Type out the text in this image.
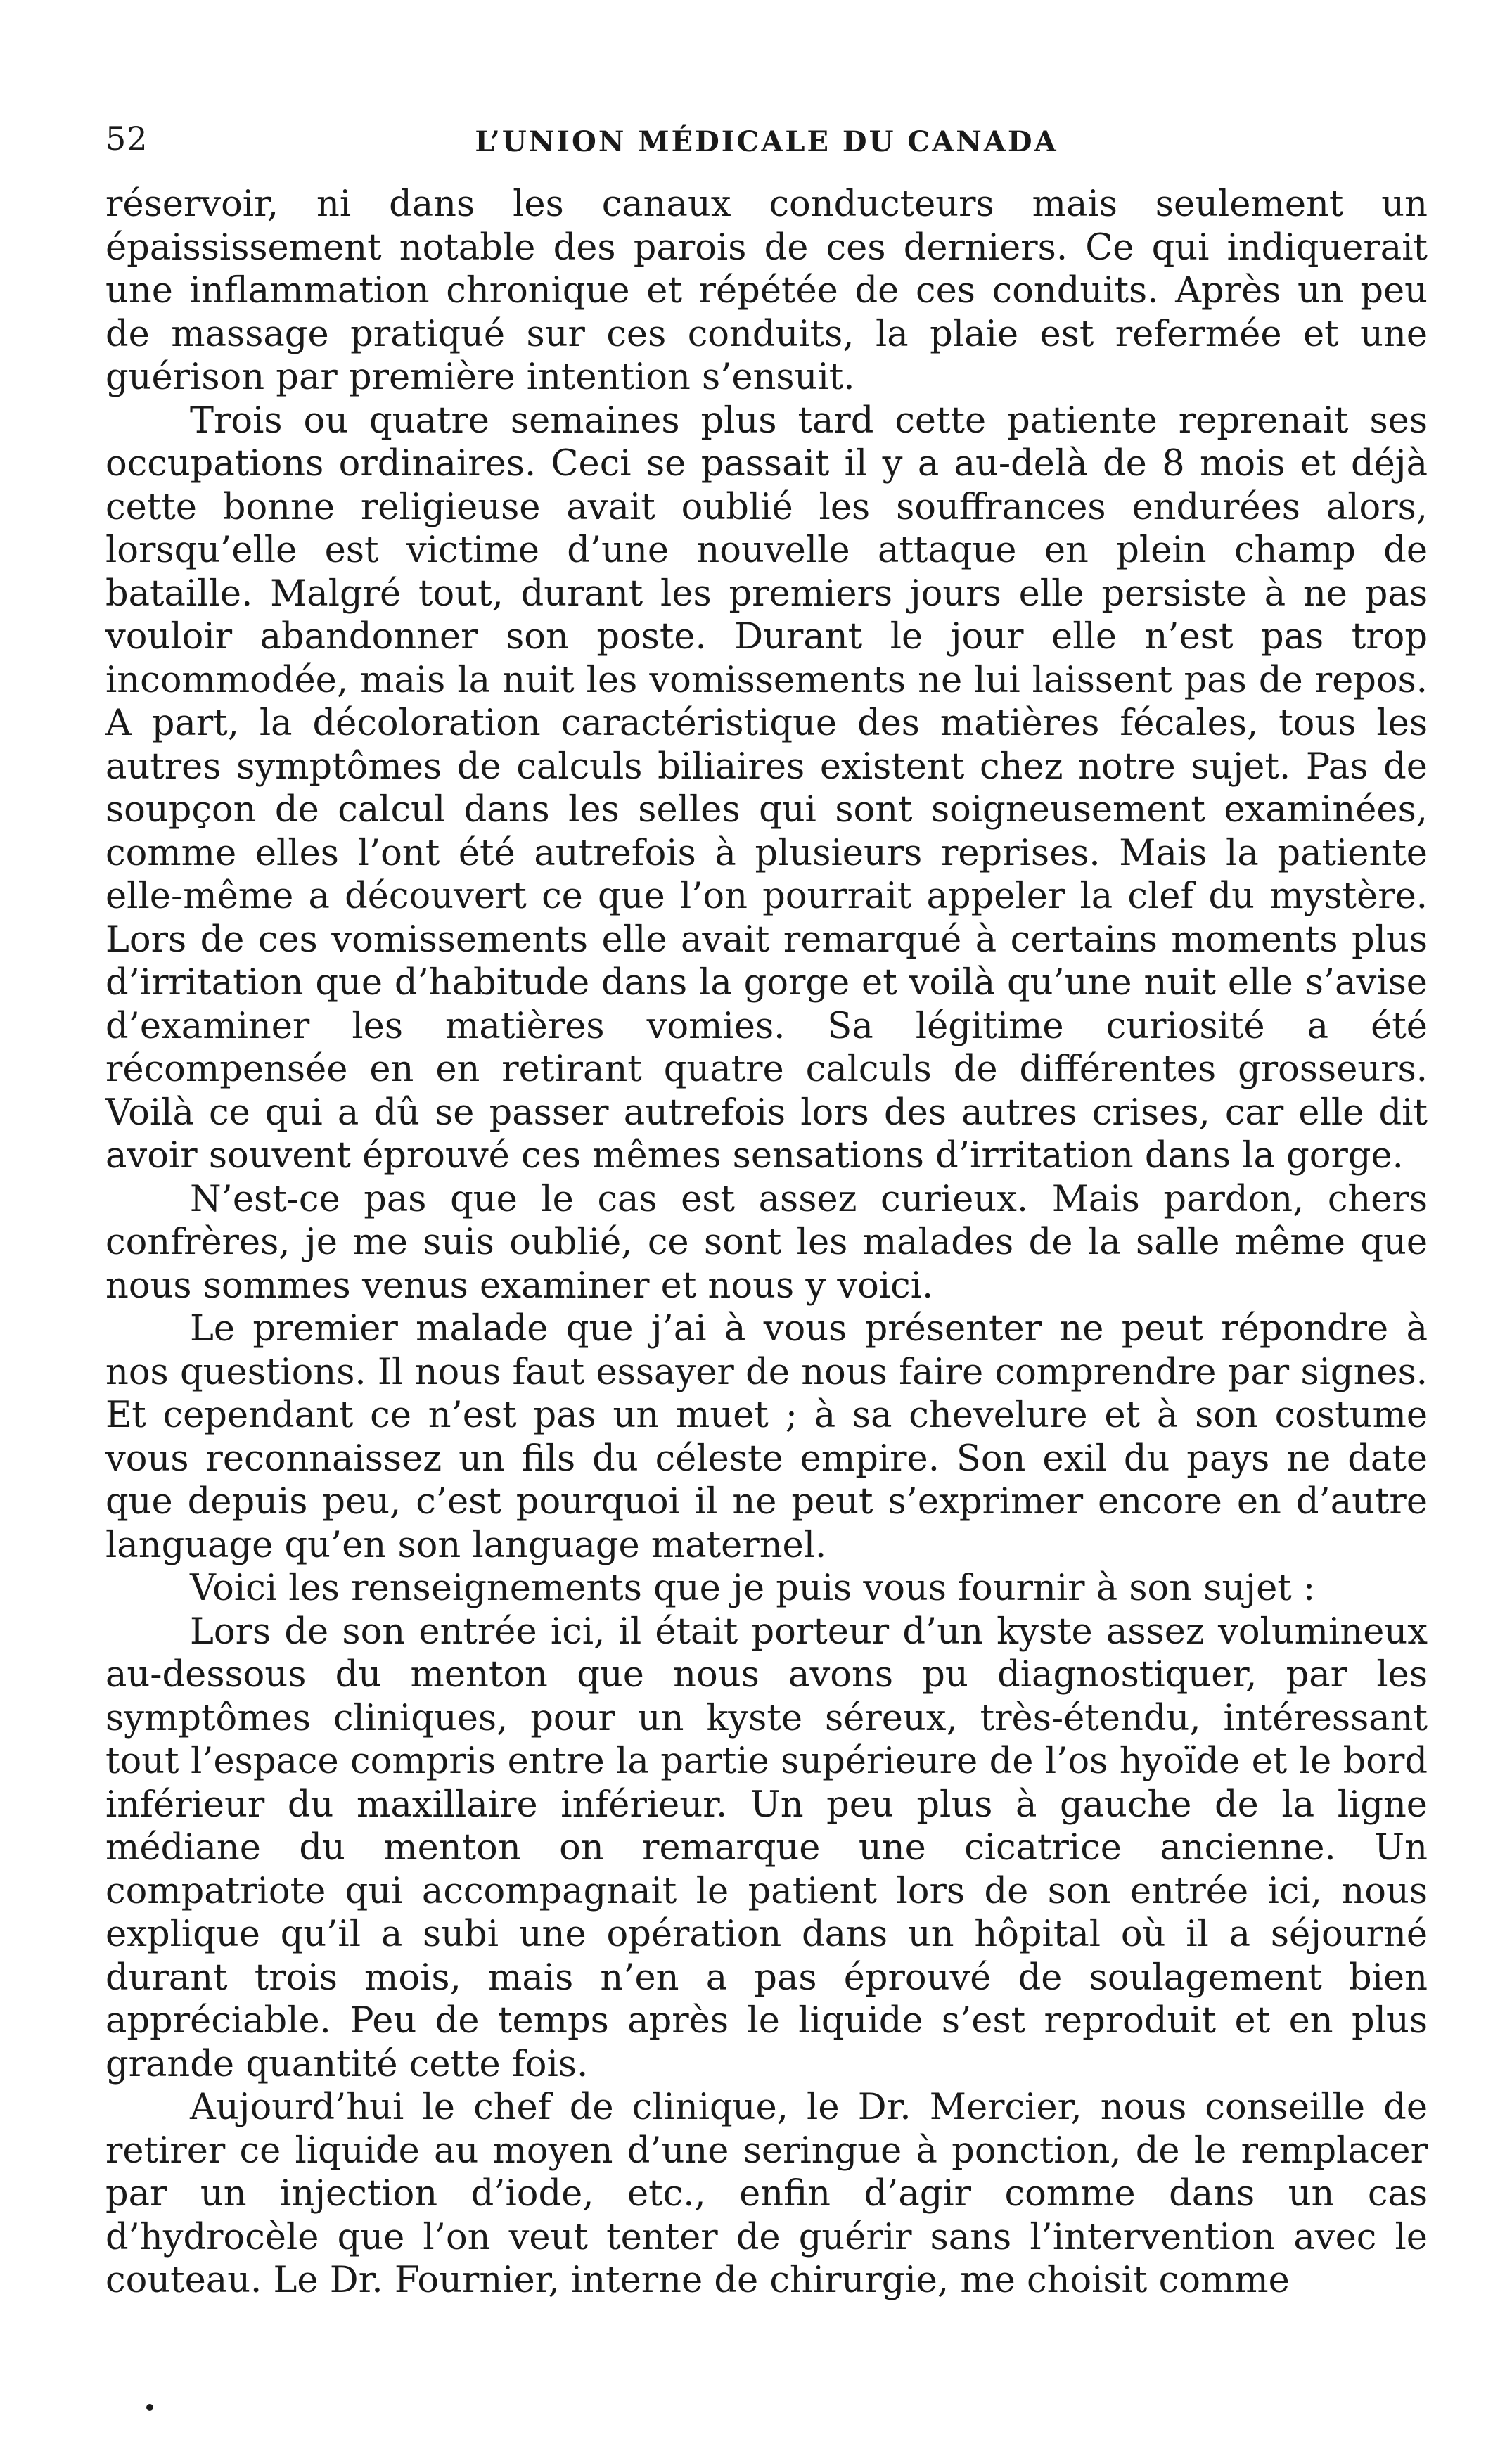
52	L’UNION MÉDICALE DU CANADA

réservoir, ni dans les canaux conducteurs mais seulement un épaississement notable des parois de ces derniers. Ce qui indiquerait une inflammation chronique et répétée de ces conduits. Après un peu de massage pratiqué sur ces conduits, la plaie est refermée et une guérison par première intention s’ensuit.

Trois ou quatre semaines plus tard cette patiente reprenait ses occupations ordinaires. Ceci se passait il y a au-delà de 8 mois et déjà cette bonne religieuse avait oublié les souffrances endurées alors, lorsqu’elle est victime d’une nouvelle attaque en plein champ de bataille. Malgré tout, durant les premiers jours elle persiste à ne pas vouloir abandonner son poste. Durant le jour elle n’est pas trop incommodée, mais la nuit les vomissements ne lui laissent pas de repos. A part, la décoloration caractéristique des matières fécales, tous les autres symptômes de calculs biliaires existent chez notre sujet. Pas de soupçon de calcul dans les selles qui sont soigneusement examinées, comme elles l’ont été autrefois à plusieurs reprises. Mais la patiente elle-même a découvert ce que l’on pourrait appeler la clef du mystère. Lors de ces vomissements elle avait remarqué à certains moments plus d’irritation que d’habitude dans la gorge et voilà qu’une nuit elle s’avise d’examiner les matières vomies. Sa légitime curiosité a été récompensée en en retirant quatre calculs de différentes grosseurs. Voilà ce qui a dû se passer autrefois lors des autres crises, car elle dit avoir souvent éprouvé ces mêmes sensations d’irritation dans la gorge.

N’est-ce pas que le cas est assez curieux. Mais pardon, chers confrères, je me suis oublié, ce sont les malades de la salle même que nous sommes venus examiner et nous y voici.

Le premier malade que j’ai à vous présenter ne peut répondre à nos questions. Il nous faut essayer de nous faire comprendre par signes. Et cependant ce n’est pas un muet ; à sa chevelure et à son costume vous reconnaissez un fils du céleste empire. Son exil du pays ne date que depuis peu, c’est pourquoi il ne peut s’exprimer encore en d’autre language qu’en son language maternel.

Voici les renseignements que je puis vous fournir à son sujet :

Lors de son entrée ici, il était porteur d’un kyste assez volumineux au-dessous du menton que nous avons pu diagnostiquer, par les symptômes cliniques, pour un kyste séreux, très-étendu, intéressant tout l’espace compris entre la partie supérieure de l’os hyoïde et le bord inférieur du maxillaire inférieur. Un peu plus à gauche de la ligne médiane du menton on remarque une cicatrice ancienne. Un compatriote qui accompagnait le patient lors de son entrée ici, nous explique qu’il a subi une opération dans un hôpital où il a séjourné durant trois mois, mais n’en a pas éprouvé de soulagement bien appréciable. Peu de temps après le liquide s’est reproduit et en plus grande quantité cette fois.

Aujourd’hui le chef de clinique, le Dr. Mercier, nous conseille de retirer ce liquide au moyen d’une seringue à ponction, de le remplacer par un injection d’iode, etc., enfin d’agir comme dans un cas d’hydrocèle que l’on veut tenter de guérir sans l’intervention avec le couteau. Le Dr. Fournier, interne de chirurgie, me choisit comme
